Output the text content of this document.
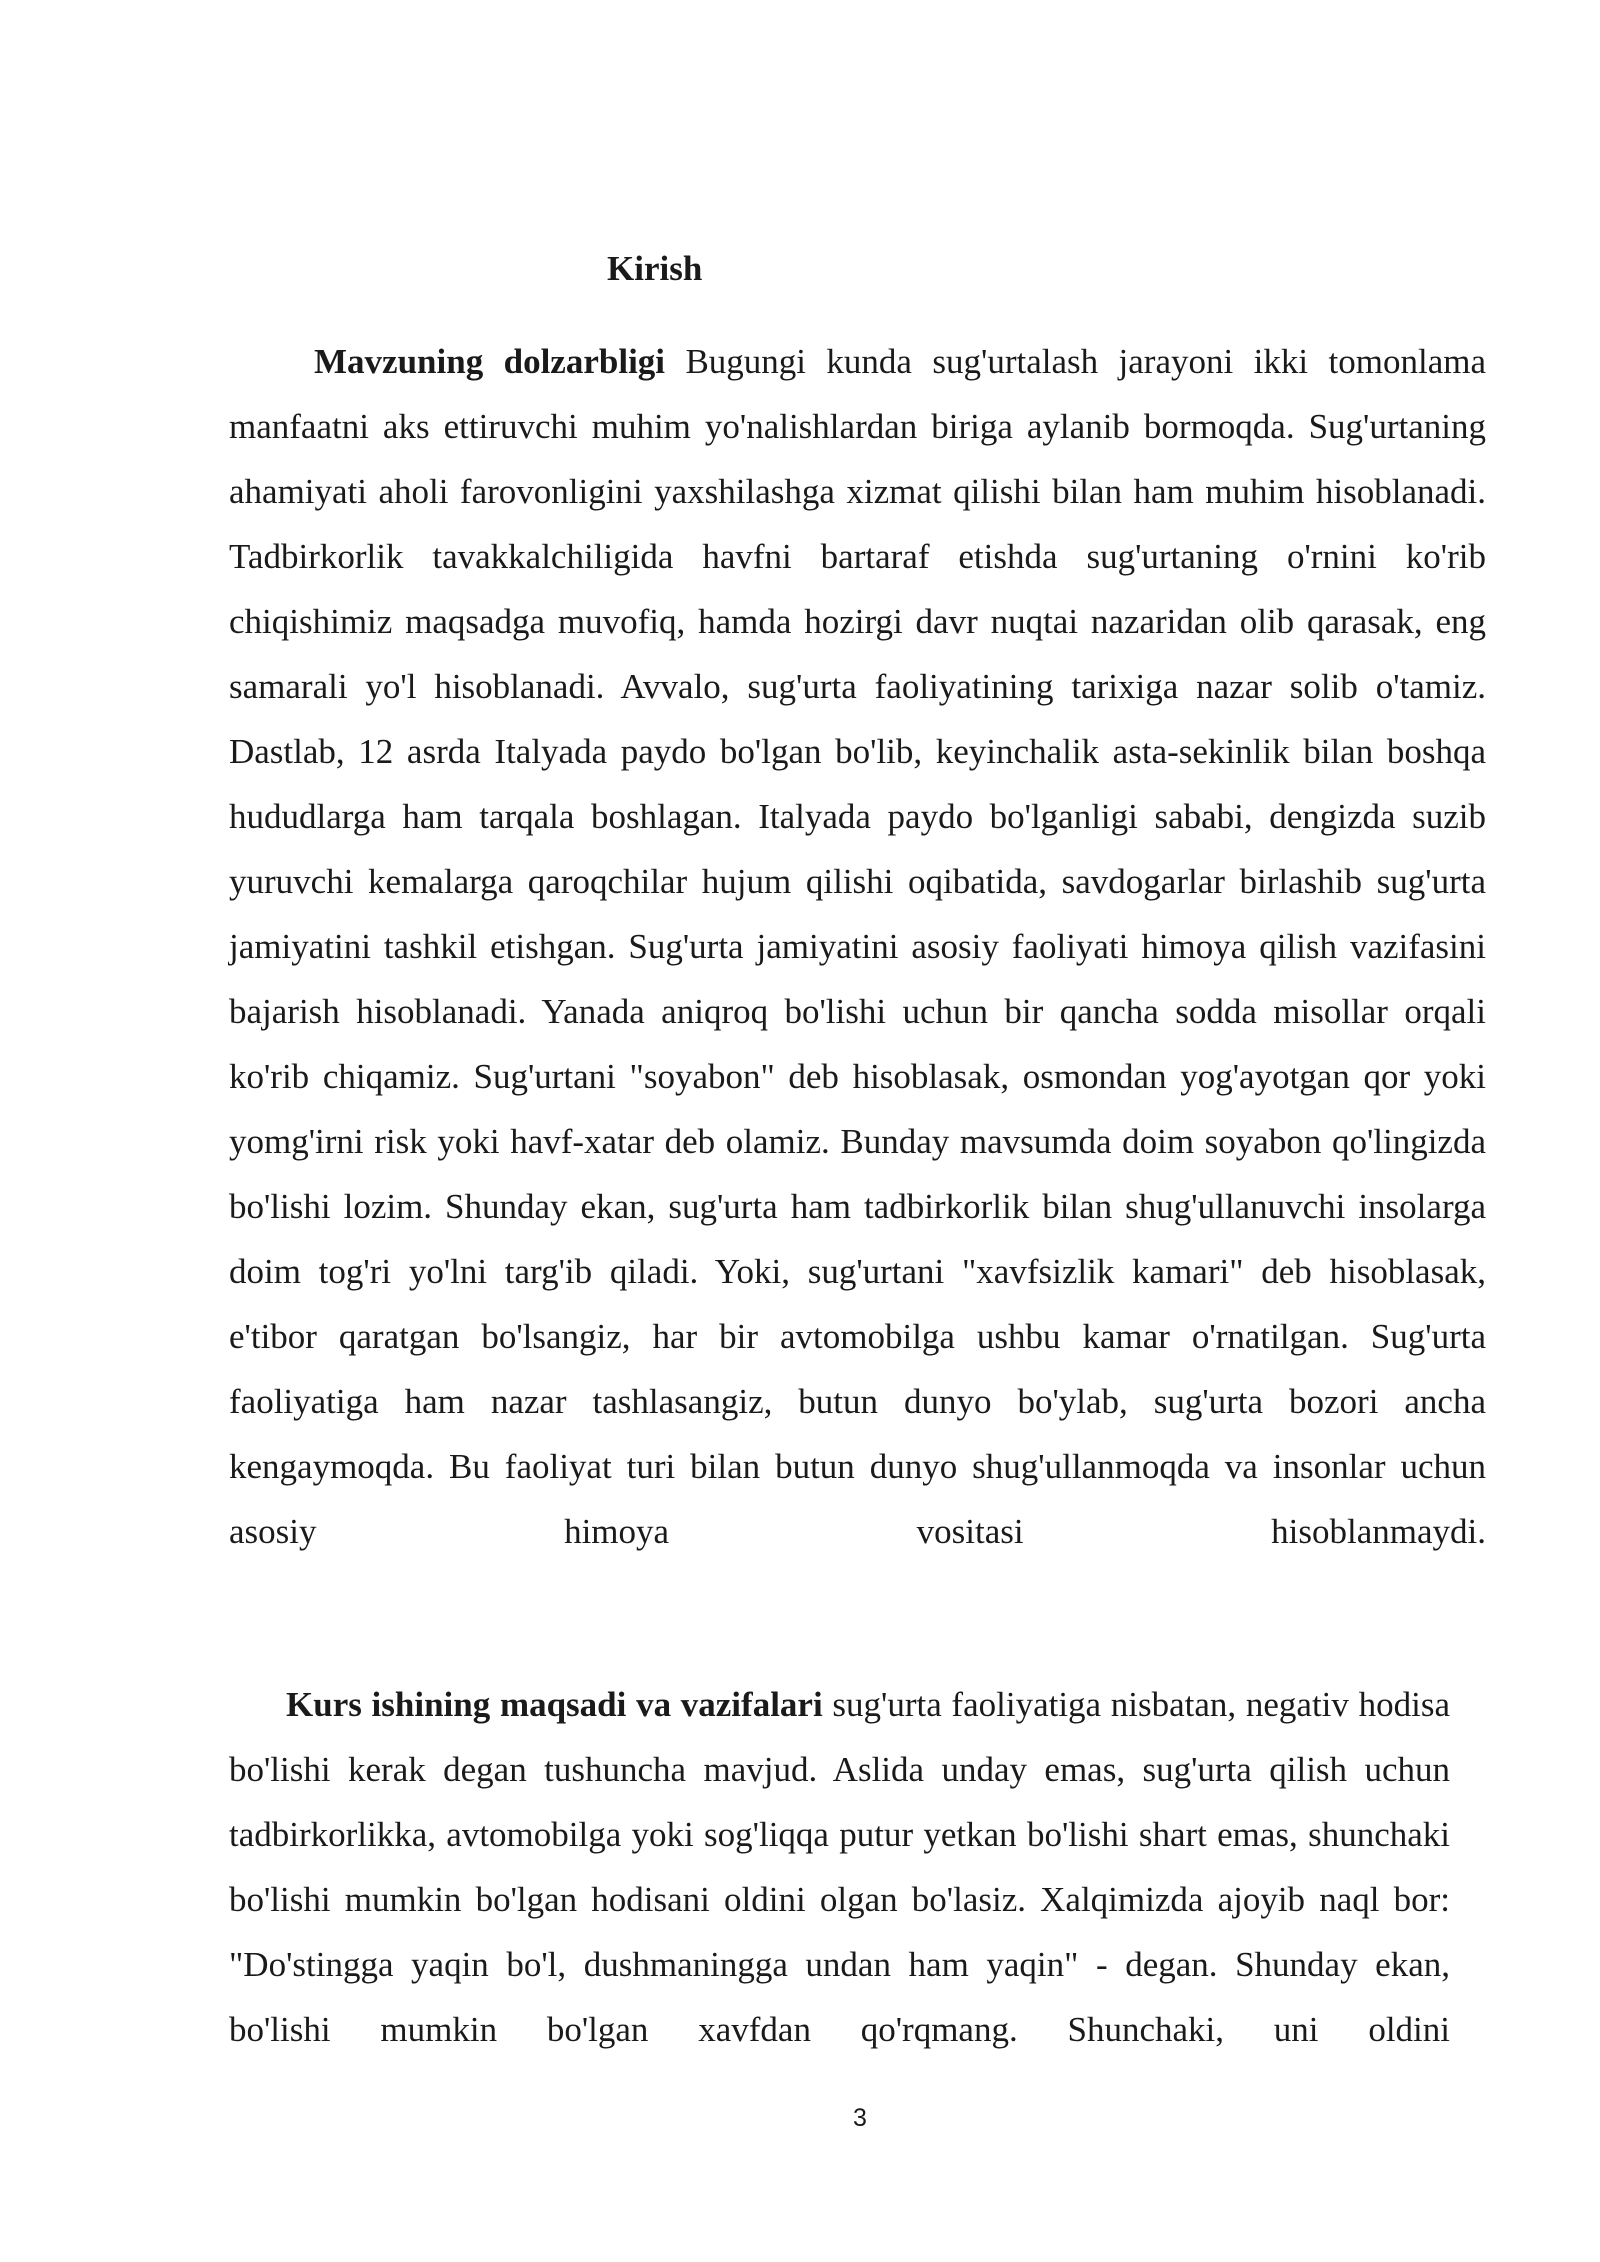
Kirish

Mavzuning dolzarbligi Bugungi kunda sug'urtalash jarayoni ikki tomonlama manfaatni aks ettiruvchi muhim yo'nalishlardan biriga aylanib bormoqda. Sug'urtaning ahamiyati aholi farovonligini yaxshilashga xizmat qilishi bilan ham muhim hisoblanadi. Tadbirkorlik tavakkalchiligida havfni bartaraf etishda sug'urtaning o'rnini ko'rib chiqishimiz maqsadga muvofiq, hamda hozirgi davr nuqtai nazaridan olib qarasak, eng samarali yo'l hisoblanadi. Avvalo, sug'urta faoliyatining tarixiga nazar solib o'tamiz. Dastlab, 12 asrda Italyada paydo bo'lgan bo'lib, keyinchalik asta-sekinlik bilan boshqa hududlarga ham tarqala boshlagan. Italyada paydo bo'lganligi sababi, dengizda suzib yuruvchi kemalarga qaroqchilar hujum qilishi oqibatida, savdogarlar birlashib sug'urta jamiyatini tashkil etishgan. Sug'urta jamiyatini asosiy faoliyati himoya qilish vazifasini bajarish hisoblanadi. Yanada aniqroq bo'lishi uchun bir qancha sodda misollar orqali ko'rib chiqamiz. Sug'urtani "soyabon" deb hisoblasak, osmondan yog'ayotgan qor yoki yomg'irni risk yoki havf-xatar deb olamiz. Bunday mavsumda doim soyabon qo'lingizda bo'lishi lozim. Shunday ekan, sug'urta ham tadbirkorlik bilan shug'ullanuvchi insolarga doim tog'ri yo'lni targ'ib qiladi. Yoki, sug'urtani "xavfsizlik kamari" deb hisoblasak, e'tibor qaratgan bo'lsangiz, har bir avtomobilga ushbu kamar o'rnatilgan. Sug'urta faoliyatiga ham nazar tashlasangiz, butun dunyo bo'ylab, sug'urta bozori ancha kengaymoqda. Bu faoliyat turi bilan butun dunyo shug'ullanmoqda va insonlar uchun asosiy himoya vositasi hisoblanmaydi.

Kurs ishining maqsadi va vazifalari sug'urta faoliyatiga nisbatan, negativ hodisa bo'lishi kerak degan tushuncha mavjud. Aslida unday emas, sug'urta qilish uchun tadbirkorlikka, avtomobilga yoki sog'liqqa putur yetkan bo'lishi shart emas, shunchaki bo'lishi mumkin bo'lgan hodisani oldini olgan bo'lasiz. Xalqimizda ajoyib naql bor: "Do'stingga yaqin bo'l, dushmaningga undan ham yaqin" - degan. Shunday ekan, bo'lishi mumkin bo'lgan xavfdan qo'rqmang. Shunchaki, uni oldini

3
